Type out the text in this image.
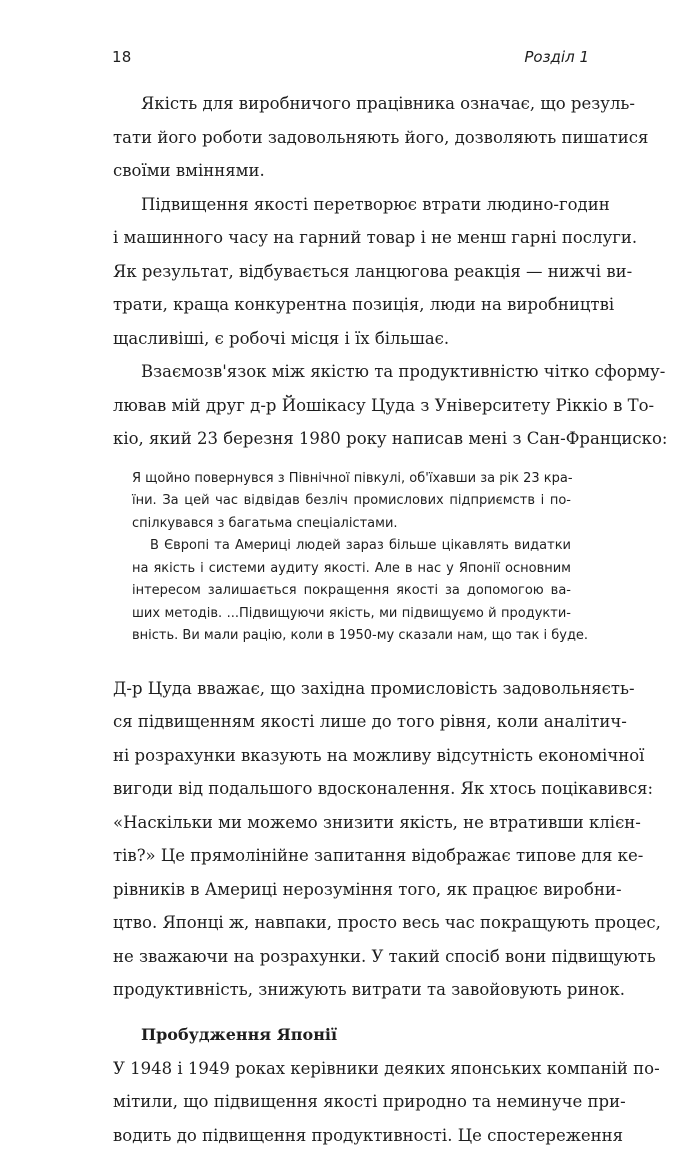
18	Розділ 1
Якість для виробничого працівника означає, що резуль-
тати його роботи задовольняють його, дозволяють пишатися
своїми вміннями.
Підвищення якості перетворює втрати людино-годин
і машинного часу на гарний товар і не менш гарні послуги.
Як результат, відбувається ланцюгова реакція — нижчі ви-
трати, краща конкурентна позиція, люди на виробництві
щасливіші, є робочі місця і їх більшає.
Взаємозв'язок між якістю та продуктивністю чітко сформу-
лював мій друг д-р Йошікасу Цуда з Університету Ріккіо в То-
кіо, який 23 березня 1980 року написав мені з Сан-Франциско:
Я щойно повернувся з Північної півкулі, об'їхавши за рік 23 кра-
їни. За цей час відвідав безліч промислових підприємств і по-
спілкувався з багатьма спеціалістами.
В Європі та Америці людей зараз більше цікавлять видатки
на якість і системи аудиту якості. Але в нас у Японії основним
інтересом залишається покращення якості за допомогою ва-
ших методів. ...Підвищуючи якість, ми підвищуємо й продукти-
вність. Ви мали рацію, коли в 1950-му сказали нам, що так і буде.
Д-р Цуда вважає, що західна промисловість задовольняєть-
ся підвищенням якості лише до того рівня, коли аналітич-
ні розрахунки вказують на можливу відсутність економічної
вигоди від подальшого вдосконалення. Як хтось поцікавився:
«Наскільки ми можемо знизити якість, не втративши клієн-
тів?» Це прямолінійне запитання відображає типове для ке-
рівників в Америці нерозуміння того, як працює виробни-
цтво. Японці ж, навпаки, просто весь час покращують процес,
не зважаючи на розрахунки. У такий спосіб вони підвищують
продуктивність, знижують витрати та завойовують ринок.
Пробудження Японії
У 1948 і 1949 роках керівники деяких японських компаній по-
мітили, що підвищення якості природно та неминуче при-
водить до підвищення продуктивності. Це спостереження
